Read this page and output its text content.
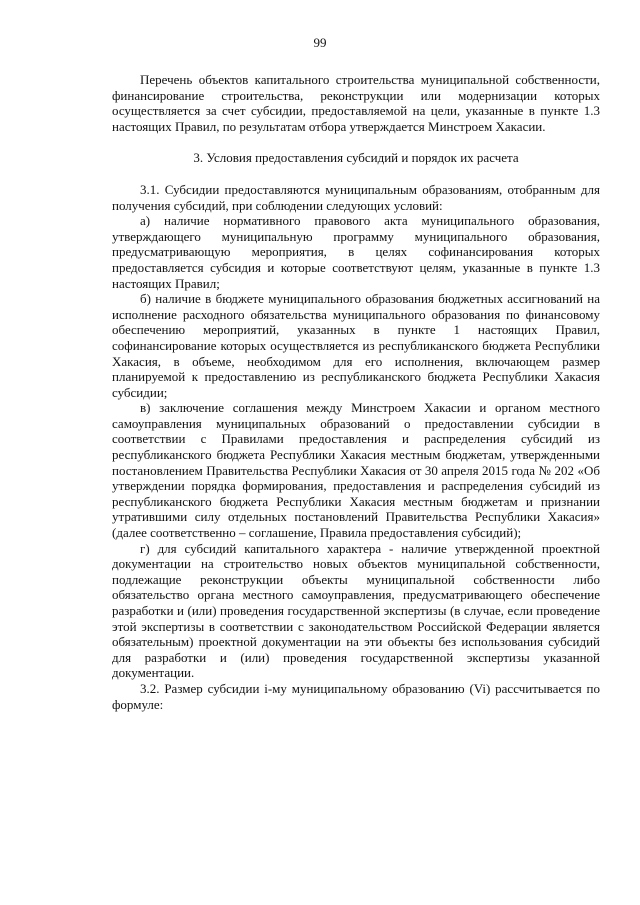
99

Перечень объектов капитального строительства муниципальной собственности, финансирование строительства, реконструкции или модернизации которых осуществляется за счет субсидии, предоставляемой на цели, указанные в пункте 1.3 настоящих Правил, по результатам отбора утверждается Минстроем Хакасии.

3. Условия предоставления субсидий и порядок их расчета

3.1. Субсидии предоставляются муниципальным образованиям, отобранным для получения субсидий, при соблюдении следующих условий:

а) наличие нормативного правового акта муниципального образования, утверждающего муниципальную программу муниципального образования, предусматривающую мероприятия, в целях софинансирования которых предоставляется субсидия и которые соответствуют целям, указанные в пункте 1.3 настоящих Правил;

б) наличие в бюджете муниципального образования бюджетных ассигнований на исполнение расходного обязательства муниципального образования по финансовому обеспечению мероприятий, указанных в пункте 1 настоящих Правил, софинансирование которых осуществляется из республиканского бюджета Республики Хакасия, в объеме, необходимом для его исполнения, включающем размер планируемой к предоставлению из республиканского бюджета Республики Хакасия субсидии;

в) заключение соглашения между Минстроем Хакасии и органом местного самоуправления муниципальных образований о предоставлении субсидии в соответствии с Правилами предоставления и распределения субсидий из республиканского бюджета Республики Хакасия местным бюджетам, утвержденными постановлением Правительства Республики Хакасия от 30 апреля 2015 года № 202 «Об утверждении порядка формирования, предоставления и распределения субсидий из республиканского бюджета Республики Хакасия местным бюджетам и признании утратившими силу отдельных постановлений Правительства Республики Хакасия» (далее соответственно – соглашение, Правила предоставления субсидий);

г) для субсидий капитального характера - наличие утвержденной проектной документации на строительство новых объектов муниципальной собственности, подлежащие реконструкции объекты муниципальной собственности либо обязательство органа местного самоуправления, предусматривающего обеспечение разработки и (или) проведения государственной экспертизы (в случае, если проведение этой экспертизы в соответствии с законодательством Российской Федерации является обязательным) проектной документации на эти объекты без использования субсидий для разработки и (или) проведения государственной экспертизы указанной документации.

3.2. Размер субсидии i-му муниципальному образованию (Vi) рассчитывается по формуле:
